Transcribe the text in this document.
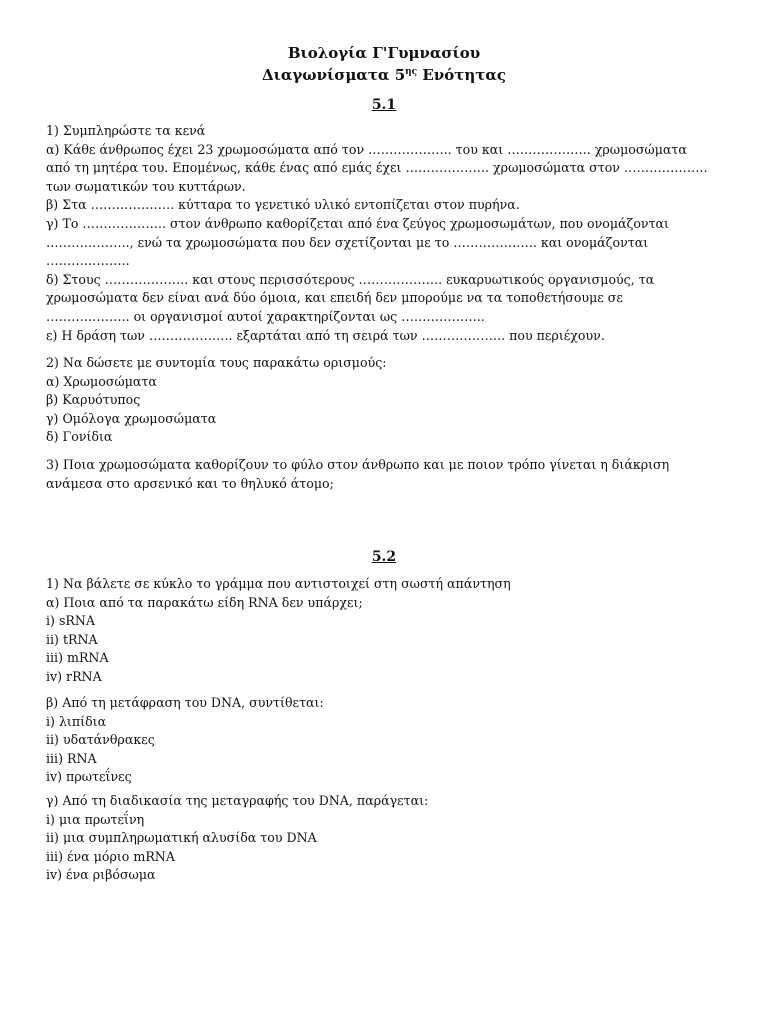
Βιολογία Γ'Γυμνασίου
Διαγωνίσματα $5^{\eta\varsigma}$ Ενότητας
5.1
1) Συμπληρώστε τα κενά
α) Κάθε άνθρωπος έχει 23 χρωμοσώματα από τον ……………….. του και ……………….. χρωμοσώματα
από τη μητέρα του. Επομένως, κάθε ένας από εμάς έχει ……………….. χρωμοσώματα στον ………………..
των σωματικών του κυττάρων.
β) Στα ……………….. κύτταρα το γενετικό υλικό εντοπίζεται στον πυρήνα.
γ) Το ……………….. στον άνθρωπο καθορίζεται από ένα ζεύγος χρωμοσωμάτων, που ονομάζονται
……………….., ενώ τα χρωμοσώματα που δεν σχετίζονται με το ……………….. και ονομάζονται
………………..
δ) Στους ……………….. και στους περισσότερους ……………….. ευκαρυωτικούς οργανισμούς, τα
χρωμοσώματα δεν είναι ανά δύο όμοια, και επειδή δεν μπορούμε να τα τοποθετήσουμε σε
……………….. οι οργανισμοί αυτοί χαρακτηρίζονται ως ………………..
ε) Η δράση των ……………….. εξαρτάται από τη σειρά των ……………….. που περιέχουν.
2) Να δώσετε με συντομία τους παρακάτω ορισμούς:
α) Χρωμοσώματα
β) Καρυότυπος
γ) Ομόλογα χρωμοσώματα
δ) Γονίδια
3) Ποια χρωμοσώματα καθορίζουν το φύλο στον άνθρωπο και με ποιον τρόπο γίνεται η διάκριση
ανάμεσα στο αρσενικό και το θηλυκό άτομο;
5.2
1) Να βάλετε σε κύκλο το γράμμα που αντιστοιχεί στη σωστή απάντηση
α) Ποια από τα παρακάτω είδη RNA δεν υπάρχει;
i) sRNA
ii) tRNA
iii) mRNA
iv) rRNA
β) Από τη μετάφραση του DNA, συντίθεται:
i) λιπίδια
ii) υδατάνθρακες
iii) RNA
iv) πρωτεΐνες
γ) Από τη διαδικασία της μεταγραφής του DNA, παράγεται:
i) μια πρωτεΐνη
ii) μια συμπληρωματική αλυσίδα του DNA
iii) ένα μόριο mRNA
iv) ένα ριβόσωμα
